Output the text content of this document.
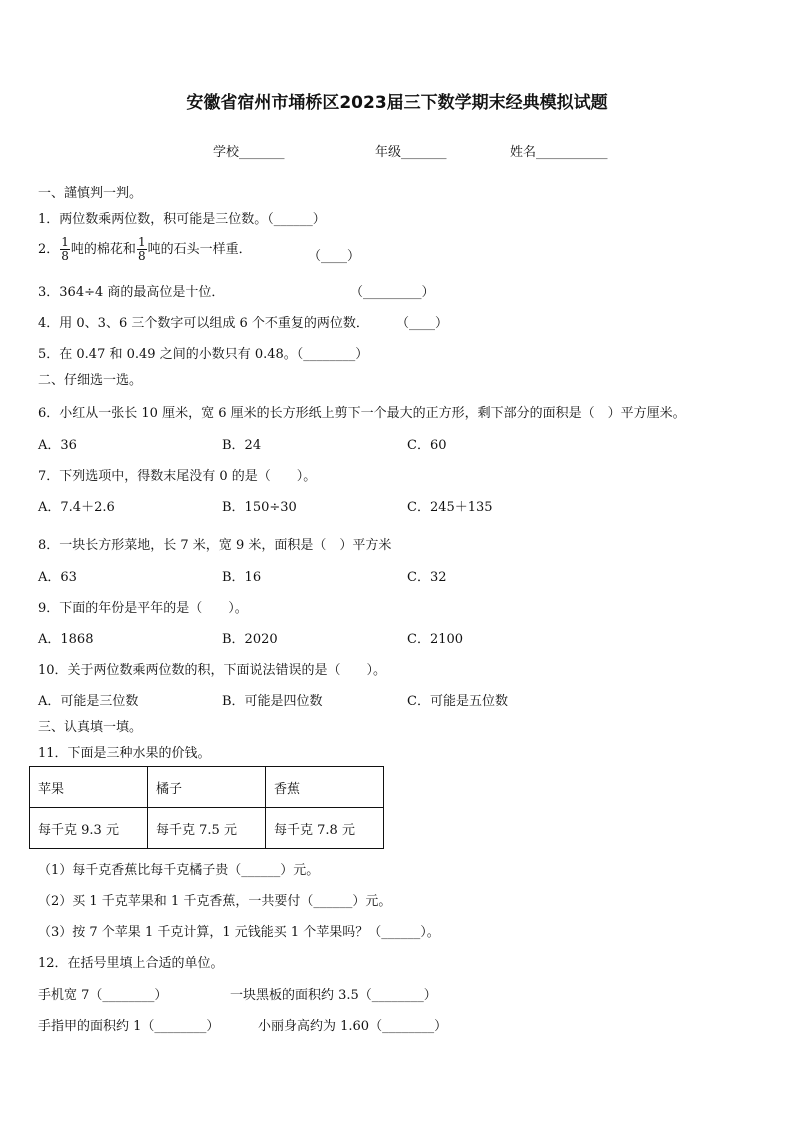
安徽省宿州市埇桥区2023届三下数学期末经典模拟试题
学校_______	年级_______	姓名___________
一、謹慎判一判。
1．两位数乘两位数，积可能是三位数。（______）
2． $\frac{1}{8}$ 吨的棉花和 $\frac{1}{8}$ 吨的石头一样重．	（____）
3．364÷4 商的最高位是十位．	（_________）
4．用 0、3、6 三个数字可以组成 6 个不重复的两位数． （____）
5．在 0.47 和 0.49 之间的小数只有 0.48。（________）
二、仔细选一选。
6．小红从一张长 10 厘米，宽 6 厘米的长方形纸上剪下一个最大的正方形，剩下部分的面积是（　）平方厘米。
A．36	B．24	C．60
7．下列选项中，得数末尾没有 0 的是（　　）。
A．7.4＋2.6	B．150÷30	C．245＋135
8．一块长方形菜地，长 7 米，宽 9 米，面积是（　）平方米
A．63	B．16	C．32
9．下面的年份是平年的是（　　）。
A．1868	B．2020	C．2100
10．关于两位数乘两位数的积，下面说法错误的是（　　）。
A．可能是三位数	B．可能是四位数	C．可能是五位数
三、认真填一填。
11．下面是三种水果的价钱。
苹果	橘子	香蕉
每千克 9.3 元	每千克 7.5 元	每千克 7.8 元
（1）每千克香蕉比每千克橘子贵（______）元。
（2）买 1 千克苹果和 1 千克香蕉，一共要付（______）元。
（3）按 7 个苹果 1 千克计算，1 元钱能买 1 个苹果吗？（______）。
12．在括号里填上合适的单位。
手机宽 7（________）	一块黑板的面积约 3.5（________）
手指甲的面积约 1（________）	小丽身高约为 1.60（________）
